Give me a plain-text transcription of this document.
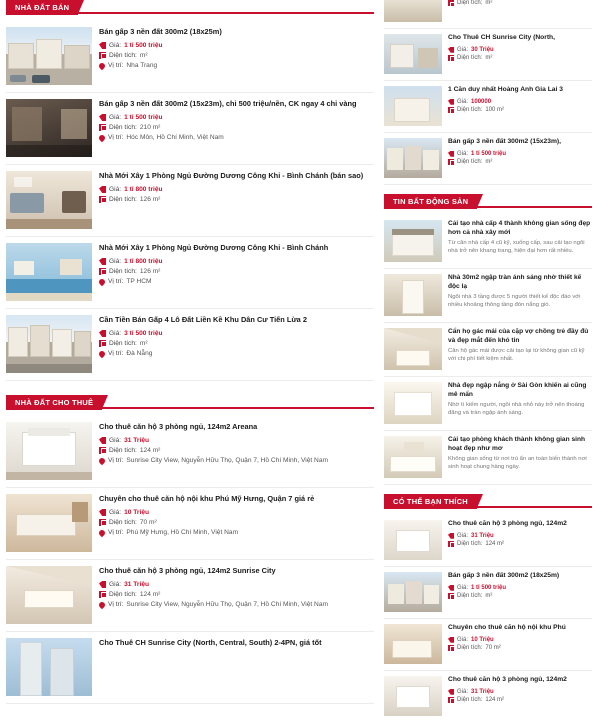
NHÀ ĐẤT BÁN
Bán gấp 3 nền đất 300m2 (18x25m)
Giá: 1 tỉ 500 triệu
Diện tích: m²
Vị trí: Nha Trang
Bán gấp 3 nền đất 300m2 (15x23m), chỉ 500 triệu/nền, CK ngay 4 chỉ vàng
Giá: 1 tỉ 500 triệu
Diện tích: 210 m²
Vị trí: Hóc Môn, Hồ Chí Minh, Việt Nam
Nhà Mới Xây 1 Phòng Ngủ Đường Dương Công Khi - Bình Chánh (bán sao)
Giá: 1 tỉ 800 triệu
Diện tích: 126 m²
Nhà Mới Xây 1 Phòng Ngủ Đường Dương Công Khi - Bình Chánh
Giá: 1 tỉ 800 triệu
Diện tích: 126 m²
Vị trí: TP HCM
Cần Tiền Bán Gấp 4 Lô Đất Liền Kề Khu Dân Cư Tiến Lừa 2
Giá: 3 tỉ 500 triệu
Diện tích: m²
Vị trí: Đà Nẵng
NHÀ ĐẤT CHO THUÊ
Cho thuê căn hộ 3 phòng ngủ, 124m2 Areana
Giá: 31 Triệu
Diện tích: 124 m²
Vị trí: Sunrise City View, Nguyễn Hữu Thọ, Quận 7, Hồ Chí Minh, Việt Nam
Chuyên cho thuê căn hộ nội khu Phú Mỹ Hưng, Quận 7 giá rẻ
Giá: 10 Triệu
Diện tích: 70 m²
Vị trí: Phú Mỹ Hưng, Hồ Chí Minh, Việt Nam
Cho thuê căn hộ 3 phòng ngủ, 124m2 Sunrise City
Giá: 31 Triệu
Diện tích: 124 m²
Vị trí: Sunrise City View, Nguyễn Hữu Thọ, Quận 7, Hồ Chí Minh, Việt Nam
Cho Thuê CH Sunrise City (North, Central, South) 2-4PN, giá tốt
Diện tích: m²
Cho Thuê CH Sunrise City (North,
Giá: 30 Triệu
Diện tích: m²
1 Căn duy nhất Hoàng Anh Gia Lai 3
Giá: 100000
Diện tích: 100 m²
Bán gấp 3 nền đất 300m2 (15x23m),
Giá: 1 tỉ 500 triệu
Diện tích: m²
TIN BẤT ĐỘNG SẢN
Cải tạo nhà cấp 4 thành không gian sống đẹp hơn cả nhà xây mới
Từ căn nhà cấp 4 cũ kỹ, xuống cấp, sau cải tạo ngôi nhà trở nên khang trang, hiện đại hơn rất nhiều.
Nhà 30m2 ngập tràn ánh sáng nhờ thiết kế độc lạ
Ngôi nhà 3 tầng được 5 người thiết kế độc đáo với nhiều khoảng thông tầng đón nắng gió.
Cẩn họ gác mái của cặp vợ chồng trẻ đầy đủ và đẹp mắt đến khó tin
Căn hộ gác mái được cải tạo lại từ không gian cũ kỹ với chi phí tiết kiệm nhất.
Nhà đẹp ngập nắng ở Sài Gòn khiến ai cũng mê mẩn
Nhờ tì kiếm người, ngôi nhà nhỏ này trở nên thoáng đãng và tràn ngập ánh sáng.
Cải tạo phòng khách thành không gian sinh hoạt đẹp như mơ
Không gian sống từ nơi trú ẩn an toàn biến thành nơi sinh hoạt chung hàng ngày.
CÓ THỂ BẠN THÍCH
Cho thuê căn hộ 3 phòng ngủ, 124m2
Giá: 31 Triệu
Diện tích: 124 m²
Bán gấp 3 nền đất 300m2 (18x25m)
Giá: 1 tỉ 500 triệu
Diện tích: m²
Chuyên cho thuê căn hộ nội khu Phú
Giá: 10 Triệu
Diện tích: 70 m²
Cho thuê căn hộ 3 phòng ngủ, 124m2
Giá: 31 Triệu
Diện tích: 124 m²
